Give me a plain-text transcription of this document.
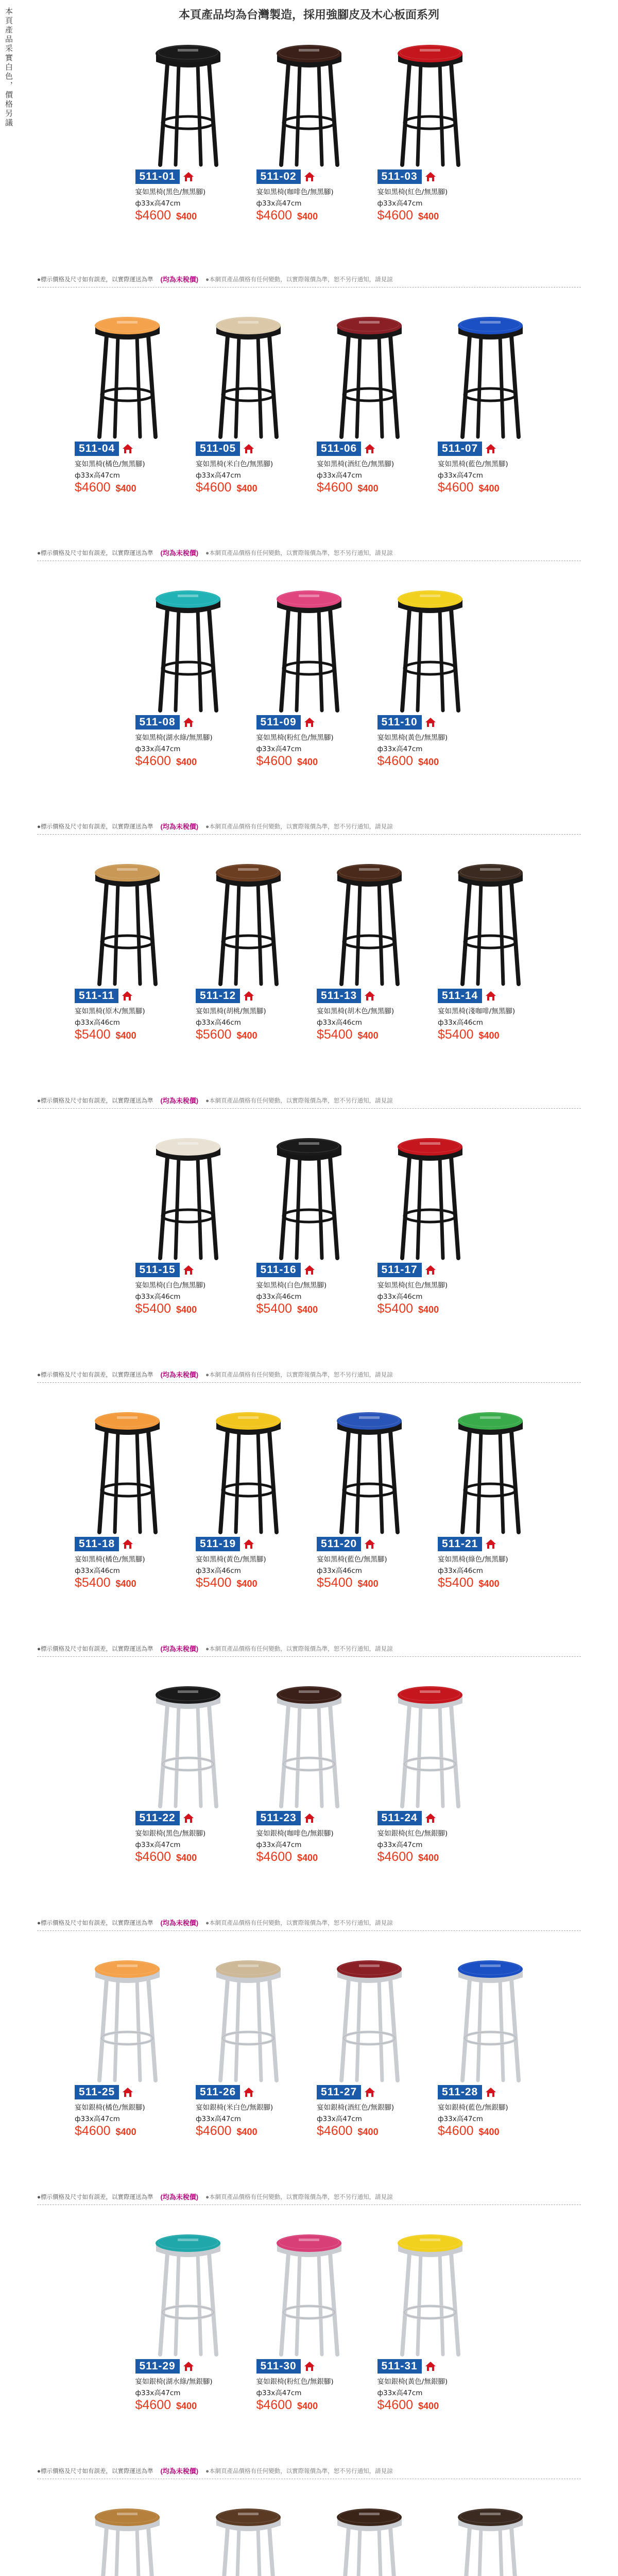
本頁產品采實白色，價格另議	本頁產品均為台灣製造，採用強腳皮及木心板面系列
511-01
宴如黑椅(黑色/無黑腳)
ф33x高47cm
$4600 $400
511-02
宴如黑椅(咖啡色/無黑腳)
ф33x高47cm
$4600 $400
511-03
宴如黑椅(紅色/無黑腳)
ф33x高47cm
$4600 $400
●標示價格及尺寸如有誤差，以實際運送為準 (均為未稅價) ●本網頁產品價格有任何變動，以實際報價為準，恕不另行通知，請見諒
511-04
宴如黑椅(橘色/無黑腳)
ф33x高47cm
$4600 $400
511-05
宴如黑椅(米白色/無黑腳)
ф33x高47cm
$4600 $400
511-06
宴如黑椅(酒紅色/無黑腳)
ф33x高47cm
$4600 $400
511-07
宴如黑椅(藍色/無黑腳)
ф33x高47cm
$4600 $400
●標示價格及尺寸如有誤差，以實際運送為準 (均為未稅價) ●本網頁產品價格有任何變動，以實際報價為準，恕不另行通知，請見諒
511-08
宴如黑椅(湖水綠/無黑腳)
ф33x高47cm
$4600 $400
511-09
宴如黑椅(粉紅色/無黑腳)
ф33x高47cm
$4600 $400
511-10
宴如黑椅(黃色/無黑腳)
ф33x高47cm
$4600 $400
●標示價格及尺寸如有誤差，以實際運送為準 (均為未稅價) ●本網頁產品價格有任何變動，以實際報價為準，恕不另行通知，請見諒
511-11
宴如黑椅(原木/無黑腳)
ф33x高46cm
$5400 $400
511-12
宴如黑椅(胡桃/無黑腳)
ф33x高46cm
$5600 $400
511-13
宴如黑椅(胡木色/無黑腳)
ф33x高46cm
$5400 $400
511-14
宴如黑椅(淺咖啡/無黑腳)
ф33x高46cm
$5400 $400
●標示價格及尺寸如有誤差，以實際運送為準 (均為未稅價) ●本網頁產品價格有任何變動，以實際報價為準，恕不另行通知，請見諒
511-15
宴如黑椅(白色/無黑腳)
ф33x高46cm
$5400 $400
511-16
宴如黑椅(白色/無黑腳)
ф33x高46cm
$5400 $400
511-17
宴如黑椅(紅色/無黑腳)
ф33x高46cm
$5400 $400
●標示價格及尺寸如有誤差，以實際運送為準 (均為未稅價) ●本網頁產品價格有任何變動，以實際報價為準，恕不另行通知，請見諒
511-18
宴如黑椅(橘色/無黑腳)
ф33x高46cm
$5400 $400
511-19
宴如黑椅(黃色/無黑腳)
ф33x高46cm
$5400 $400
511-20
宴如黑椅(藍色/無黑腳)
ф33x高46cm
$5400 $400
511-21
宴如黑椅(綠色/無黑腳)
ф33x高46cm
$5400 $400
●標示價格及尺寸如有誤差，以實際運送為準 (均為未稅價) ●本網頁產品價格有任何變動，以實際報價為準，恕不另行通知，請見諒
511-22
宴如銀椅(黑色/無銀腳)
ф33x高47cm
$4600 $400
511-23
宴如銀椅(咖啡色/無銀腳)
ф33x高47cm
$4600 $400
511-24
宴如銀椅(紅色/無銀腳)
ф33x高47cm
$4600 $400
●標示價格及尺寸如有誤差，以實際運送為準 (均為未稅價) ●本網頁產品價格有任何變動，以實際報價為準，恕不另行通知，請見諒
511-25
宴如銀椅(橘色/無銀腳)
ф33x高47cm
$4600 $400
511-26
宴如銀椅(米白色/無銀腳)
ф33x高47cm
$4600 $400
511-27
宴如銀椅(酒紅色/無銀腳)
ф33x高47cm
$4600 $400
511-28
宴如銀椅(藍色/無銀腳)
ф33x高47cm
$4600 $400
●標示價格及尺寸如有誤差，以實際運送為準 (均為未稅價) ●本網頁產品價格有任何變動，以實際報價為準，恕不另行通知，請見諒
511-29
宴如銀椅(湖水綠/無銀腳)
ф33x高47cm
$4600 $400
511-30
宴如銀椅(粉紅色/無銀腳)
ф33x高47cm
$4600 $400
511-31
宴如銀椅(黃色/無銀腳)
ф33x高47cm
$4600 $400
●標示價格及尺寸如有誤差，以實際運送為準 (均為未稅價) ●本網頁產品價格有任何變動，以實際報價為準，恕不另行通知，請見諒
